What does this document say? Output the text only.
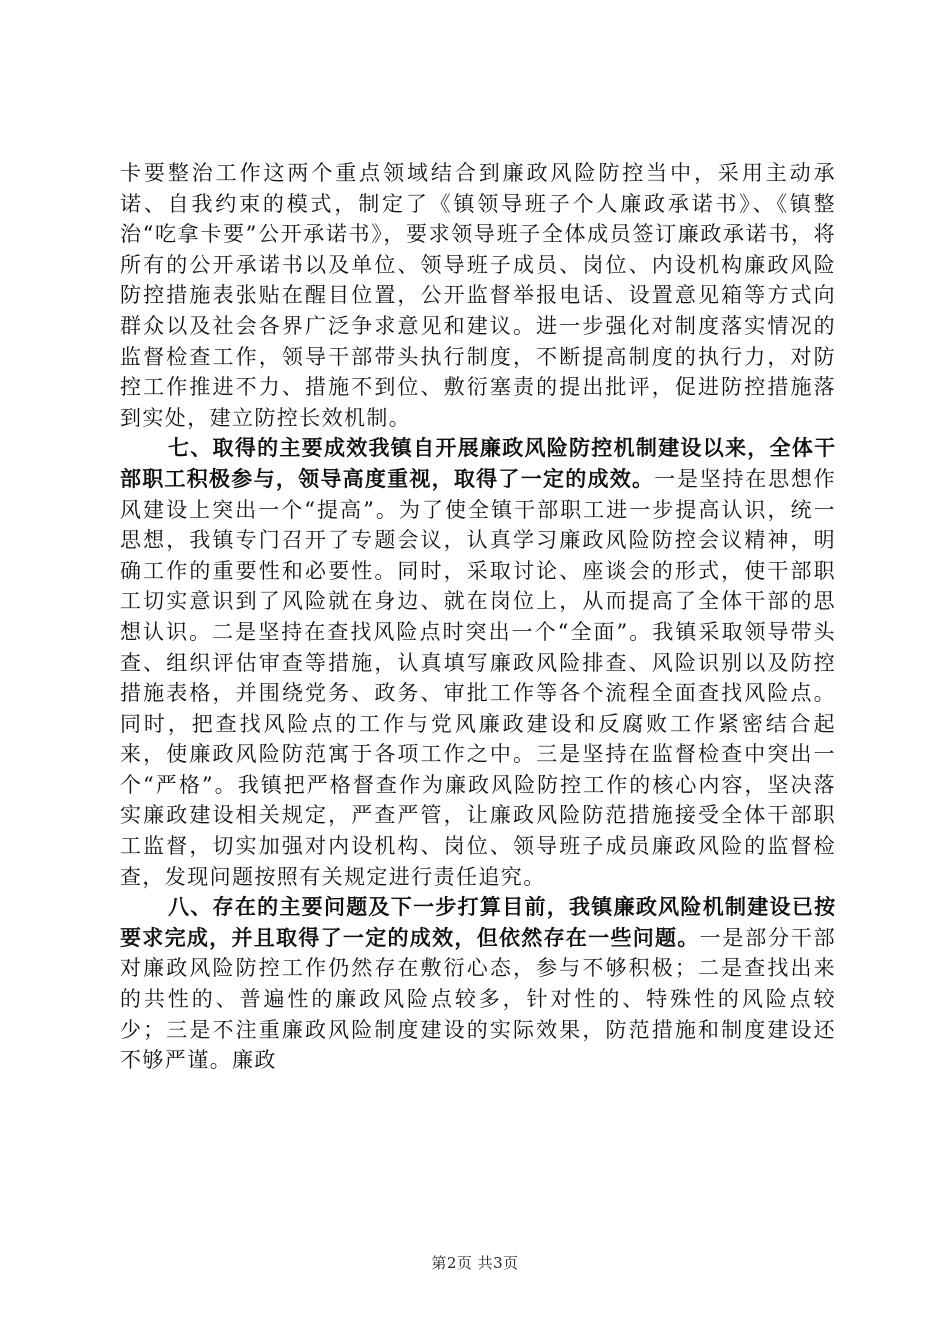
卡要整治工作这两个重点领域结合到廉政风险防控当中，采用主动承诺、自我约束的模式，制定了《镇领导班子个人廉政承诺书》、《镇整治“吃拿卡要”公开承诺书》，要求领导班子全体成员签订廉政承诺书，将所有的公开承诺书以及单位、领导班子成员、岗位、内设机构廉政风险防控措施表张贴在醒目位置，公开监督举报电话、设置意见箱等方式向群众以及社会各界广泛争求意见和建议。进一步强化对制度落实情况的监督检查工作，领导干部带头执行制度，不断提高制度的执行力，对防控工作推进不力、措施不到位、敷衍塞责的提出批评，促进防控措施落到实处，建立防控长效机制。

七、取得的主要成效我镇自开展廉政风险防控机制建设以来，全体干部职工积极参与，领导高度重视，取得了一定的成效。一是坚持在思想作风建设上突出一个“提高”。为了使全镇干部职工进一步提高认识，统一思想，我镇专门召开了专题会议，认真学习廉政风险防控会议精神，明确工作的重要性和必要性。同时，采取讨论、座谈会的形式，使干部职工切实意识到了风险就在身边、就在岗位上，从而提高了全体干部的思想认识。二是坚持在查找风险点时突出一个“全面”。我镇采取领导带头查、组织评估审查等措施，认真填写廉政风险排查、风险识别以及防控措施表格，并围绕党务、政务、审批工作等各个流程全面查找风险点。同时，把查找风险点的工作与党风廉政建设和反腐败工作紧密结合起来，使廉政风险防范寓于各项工作之中。三是坚持在监督检查中突出一个“严格”。我镇把严格督查作为廉政风险防控工作的核心内容，坚决落实廉政建设相关规定，严查严管，让廉政风险防范措施接受全体干部职工监督，切实加强对内设机构、岗位、领导班子成员廉政风险的监督检查，发现问题按照有关规定进行责任追究。

八、存在的主要问题及下一步打算目前，我镇廉政风险机制建设已按要求完成，并且取得了一定的成效，但依然存在一些问题。一是部分干部对廉政风险防控工作仍然存在敷衍心态，参与不够积极；二是查找出来的共性的、普遍性的廉政风险点较多，针对性的、特殊性的风险点较少；三是不注重廉政风险制度建设的实际效果，防范措施和制度建设还不够严谨。廉政

第2页 共3页
